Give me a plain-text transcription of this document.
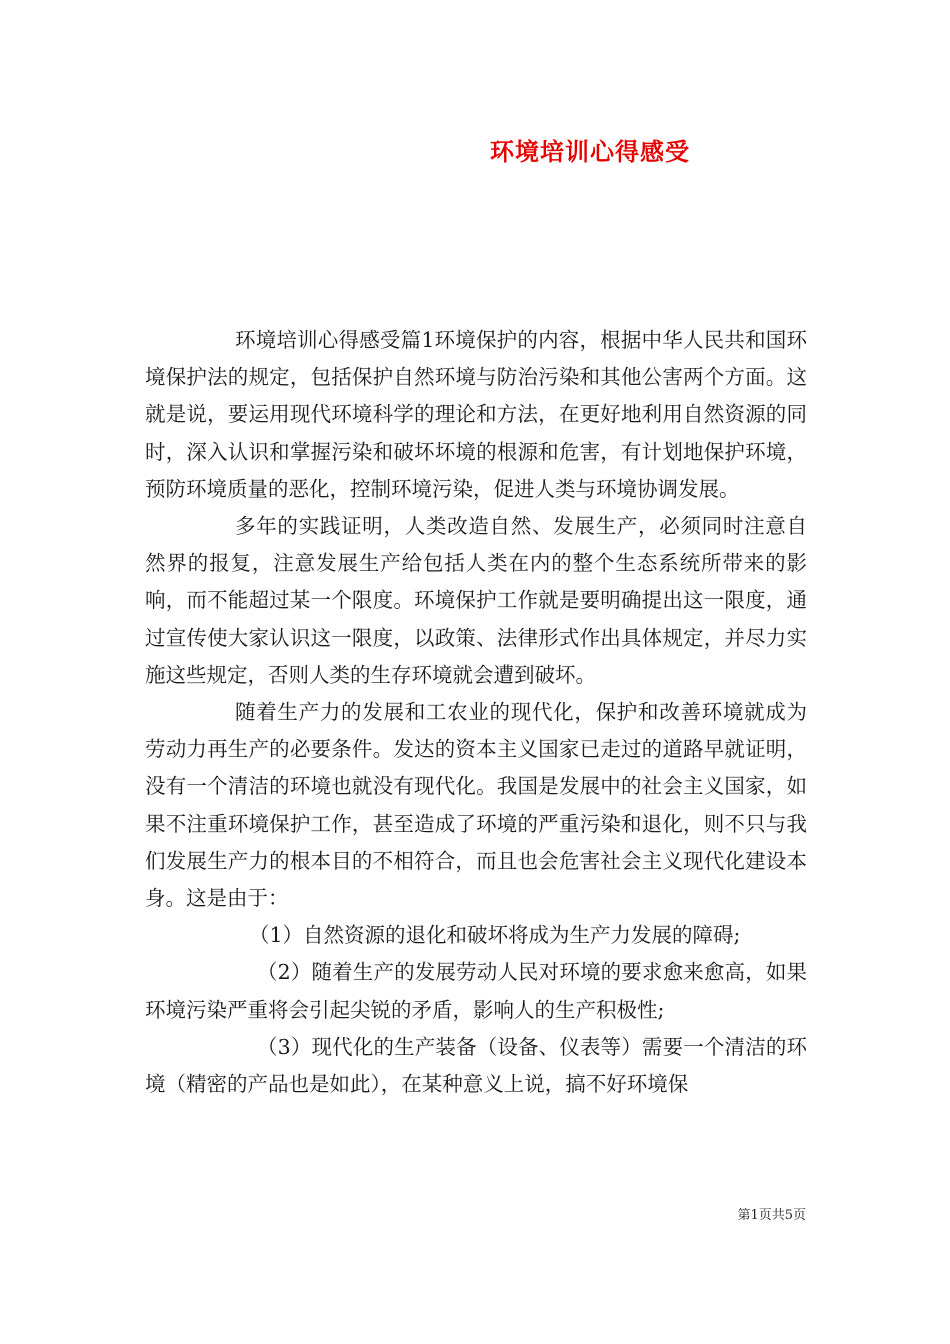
环境培训心得感受

环境培训心得感受篇1环境保护的内容，根据中华人民共和国环境保护法的规定，包括保护自然环境与防治污染和其他公害两个方面。这就是说，要运用现代环境科学的理论和方法，在更好地利用自然资源的同时，深入认识和掌握污染和破坏坏境的根源和危害，有计划地保护环境，预防环境质量的恶化，控制环境污染，促进人类与环境协调发展。

多年的实践证明，人类改造自然、发展生产，必须同时注意自然界的报复，注意发展生产给包括人类在内的整个生态系统所带来的影响，而不能超过某一个限度。环境保护工作就是要明确提出这一限度，通过宣传使大家认识这一限度，以政策、法律形式作出具体规定，并尽力实施这些规定，否则人类的生存环境就会遭到破坏。

随着生产力的发展和工农业的现代化，保护和改善环境就成为劳动力再生产的必要条件。发达的资本主义国家已走过的道路早就证明，没有一个清洁的环境也就没有现代化。我国是发展中的社会主义国家，如果不注重环境保护工作，甚至造成了环境的严重污染和退化，则不只与我们发展生产力的根本目的不相符合，而且也会危害社会主义现代化建设本身。这是由于：

（1）自然资源的退化和破坏将成为生产力发展的障碍;

（2）随着生产的发展劳动人民对环境的要求愈来愈高，如果环境污染严重将会引起尖锐的矛盾，影响人的生产积极性;

（3）现代化的生产装备（设备、仪表等）需要一个清洁的环境（精密的产品也是如此），在某种意义上说，搞不好环境保

第1页共5页
